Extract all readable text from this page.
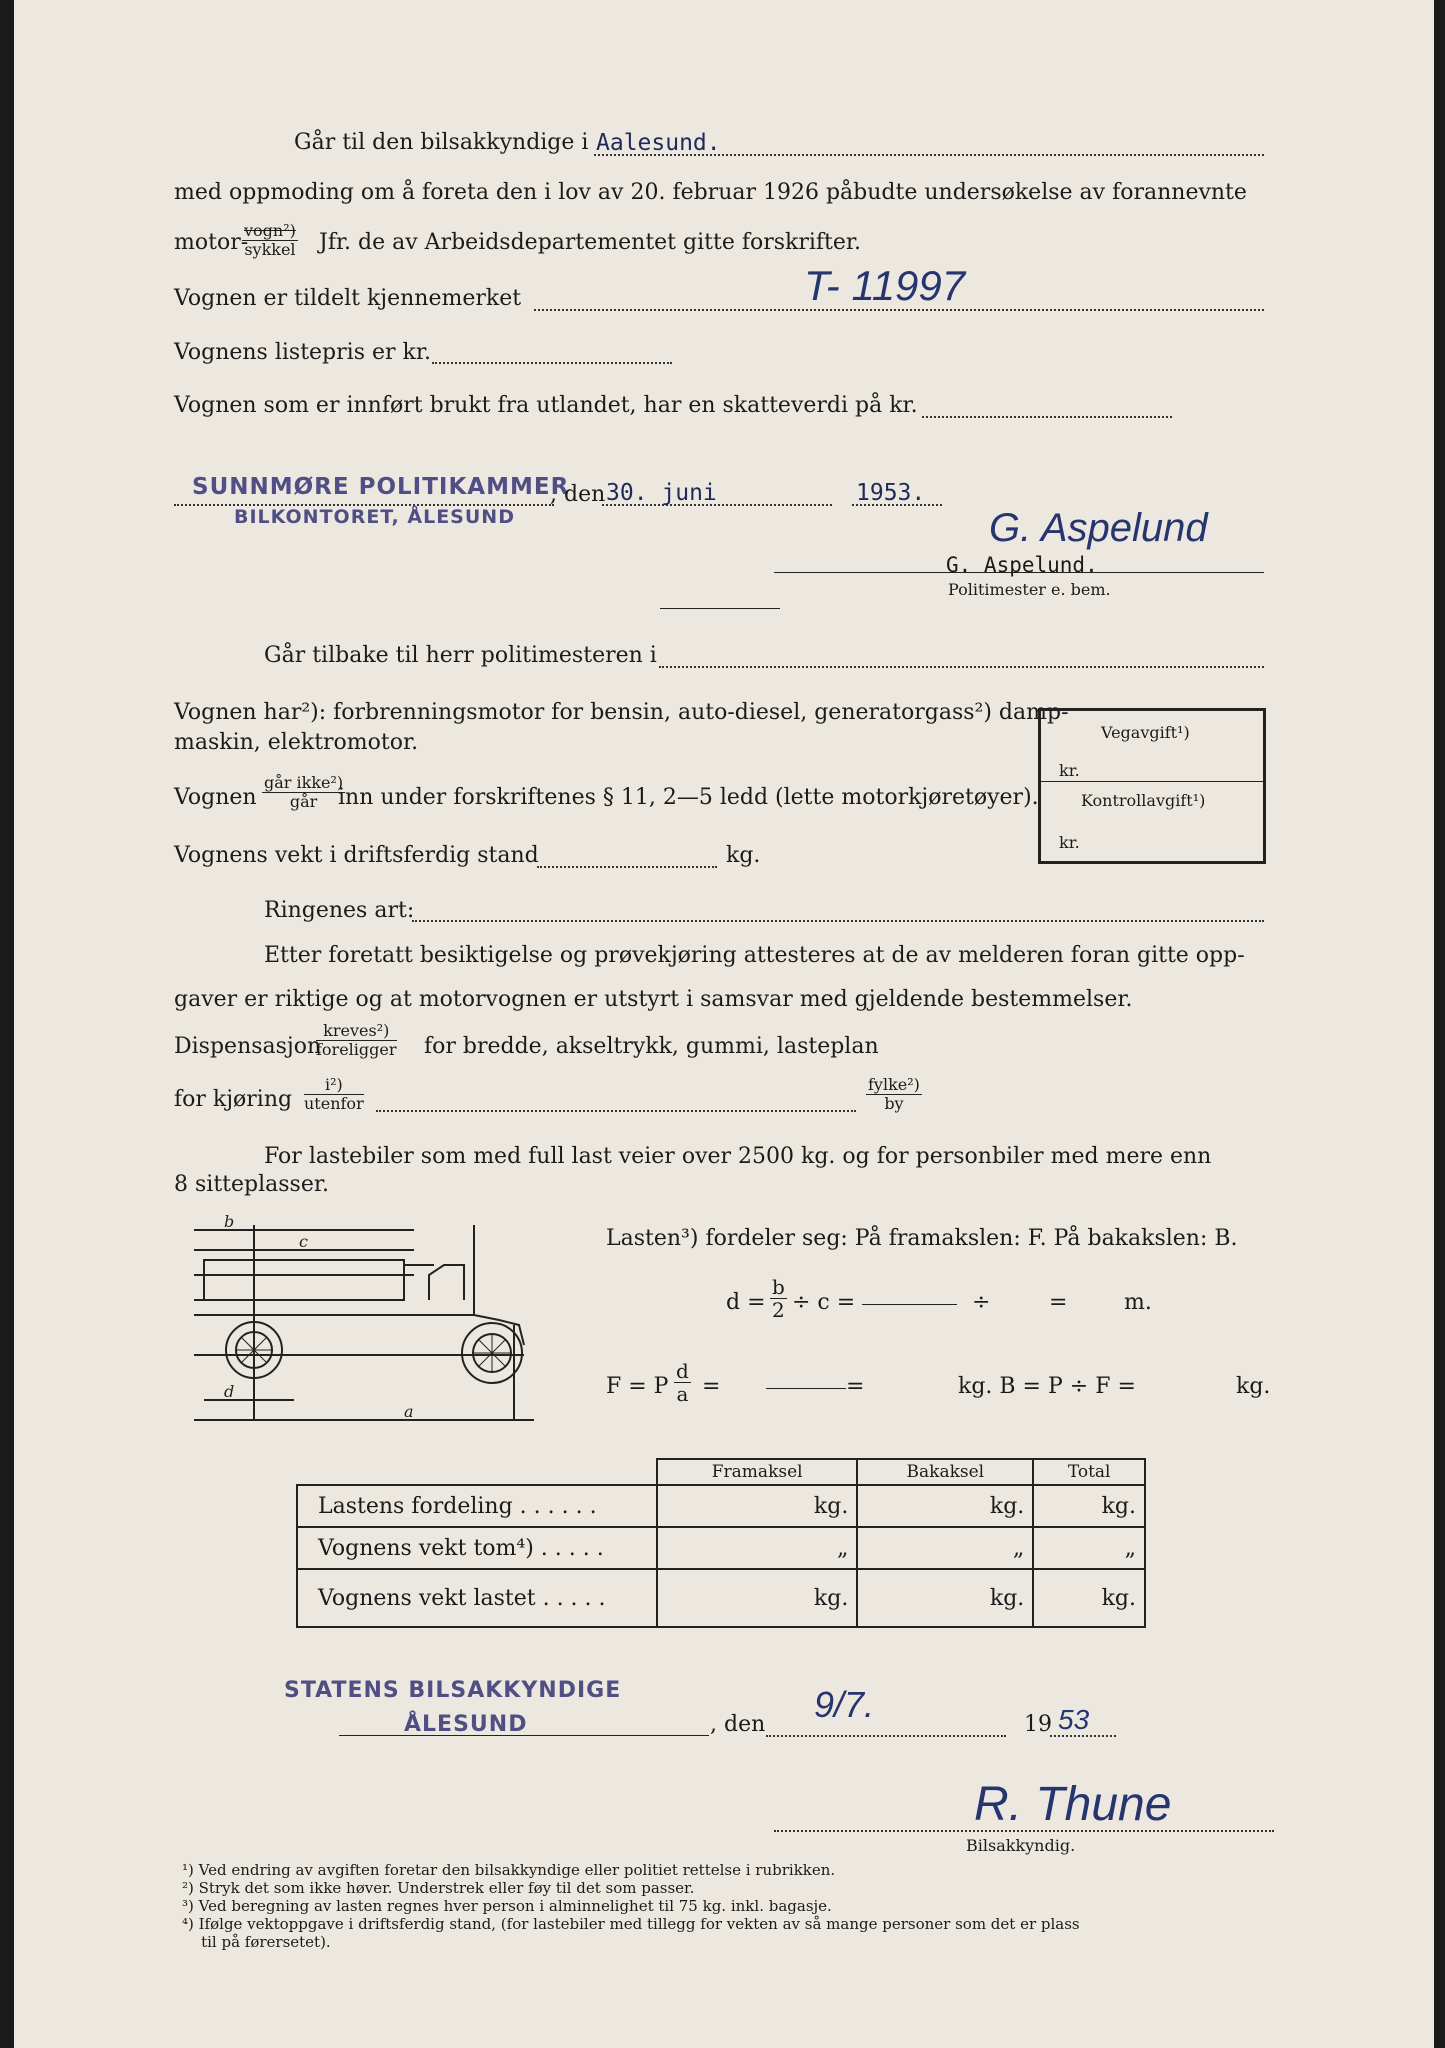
Går til den bilsakkyndige i Aalesund.
med oppmoding om å foreta den i lov av 20. februar 1926 påbudte undersøkelse av forannevnte
motor-
vogn²)
sykkel Jfr. de av Arbeidsdepartementet gitte forskrifter.
Vognen er tildelt kjennemerket	T- 11997
Vognens listepris er kr.
Vognen som er innført brukt fra utlandet, har en skatteverdi på kr.
SUNNMØRE POLITIKAMMER
BILKONTORET, ÅLESUND
, den 30. juni	1953.
G. Aspelund
G. Aspelund.
Politimester e. bem.
Går tilbake til herr politimesteren i
Vognen har²): forbrenningsmotor for bensin, auto-diesel, generatorgass²) damp-
maskin, elektromotor.
Vognen
går ikke²)
går inn under forskriftenes § 11, 2—5 ledd (lette motorkjøretøyer).
Vognens vekt i driftsferdig stand	kg.
Ringenes art:
Vegavgift¹)
kr.
Kontrollavgift¹)
kr.
Etter foretatt besiktigelse og prøvekjøring attesteres at de av melderen foran gitte opp-
gaver er riktige og at motorvognen er utstyrt i samsvar med gjeldende bestemmelser.
Dispensasjon
kreves²)
foreligger for bredde, akseltrykk, gummi, lasteplan
for kjøring
i²)
utenfor
fylke²)
by
For lastebiler som med full last veier over 2500 kg. og for personbiler med mere enn
8 sitteplasser.
b
c
d
a
Lasten³) fordeler seg: På framakslen: F. På bakakslen: B.
$d = \frac{b}{2} \div c$ =	÷	=	m.
F = P $\frac{d}{a}$ =	=	kg. B = P ÷ F =	kg.
	Framaksel	Bakaksel	Total
Lastens fordeling . . . . . .	kg.	kg.	kg.
Vognens vekt tom⁴) . . . . .	„	„	„
Vognens vekt lastet . . . . .	kg.	kg.	kg.
STATENS BILSAKKYNDIGE
ÅLESUND	, den 9/7.	19 53
R. Thune
Bilsakkyndig.
¹) Ved endring av avgiften foretar den bilsakkyndige eller politiet rettelse i rubrikken.
²) Stryk det som ikke høver. Understrek eller føy til det som passer.
³) Ved beregning av lasten regnes hver person i alminnelighet til 75 kg. inkl. bagasje.
⁴) Ifølge vektoppgave i driftsferdig stand, (for lastebiler med tillegg for vekten av så mange personer som det er plass
til på førersetet).
